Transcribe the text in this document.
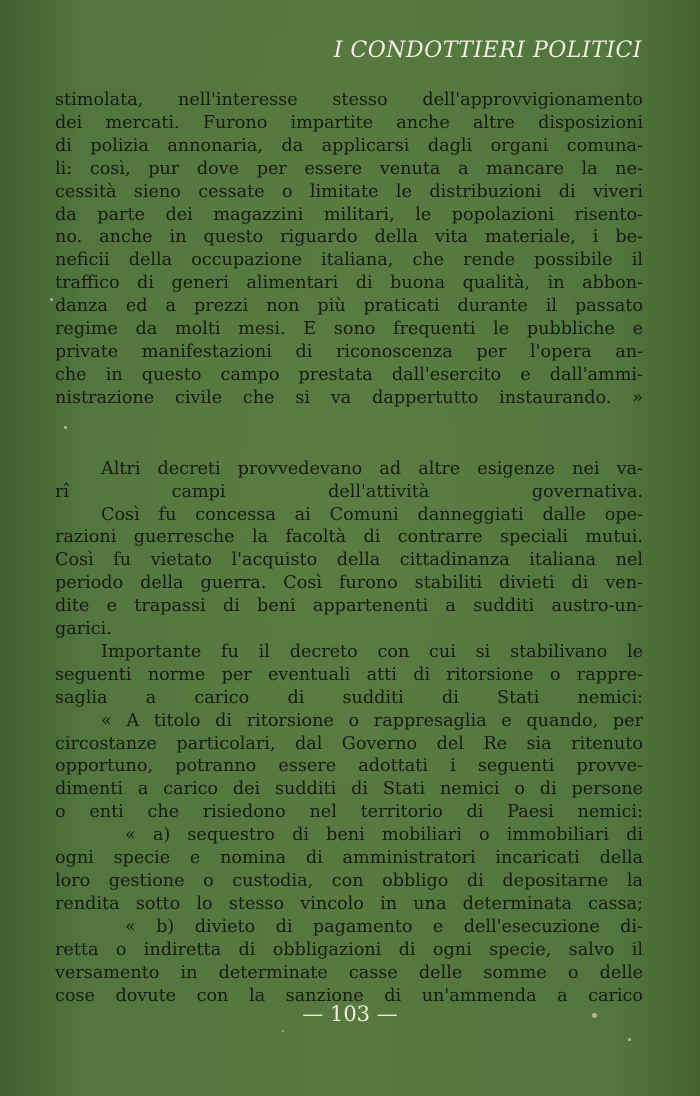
I CONDOTTIERI POLITICI

stimolata, nell'interesse stesso dell'approvvigionamento
dei mercati. Furono impartite anche altre disposizioni
di polizia annonaria, da applicarsi dagli organi comuna-
li: così, pur dove per essere venuta a mancare la ne-
cessità sieno cessate o limitate le distribuzioni di viveri
da parte dei magazzini militari, le popolazioni risento-
no. anche in questo riguardo della vita materiale, i be-
neficii della occupazione italiana, che rende possibile il
traffico di generi alimentari di buona qualità, in abbon-
danza ed a prezzi non più praticati durante il passato
regime da molti mesi. E sono frequenti le pubbliche e
private manifestazioni di riconoscenza per l'opera an-
che in questo campo prestata dall'esercito e dall'ammi-
nistrazione civile che si va dappertutto instaurando. »

Altri decreti provvedevano ad altre esigenze nei va-
rî campi dell'attività governativa.

Così fu concessa ai Comuni danneggiati dalle ope-
razioni guerresche la facoltà di contrarre speciali mutui.
Così fu vietato l'acquisto della cittadinanza italiana nel
periodo della guerra. Così furono stabiliti divieti di ven-
dite e trapassi di beni appartenenti a sudditi austro-un-
garici.

Importante fu il decreto con cui si stabilivano le
seguenti norme per eventuali atti di ritorsione o rappre-
saglia a carico di sudditi di Stati nemici:

« A titolo di ritorsione o rappresaglia e quando, per
circostanze particolari, dal Governo del Re sia ritenuto
opportuno, potranno essere adottati i seguenti provve-
dimenti a carico dei sudditi di Stati nemici o di persone
o enti che risiedono nel territorio di Paesi nemici:

« a) sequestro di beni mobiliari o immobiliari di
ogni specie e nomina di amministratori incaricati della
loro gestione o custodia, con obbligo di depositarne la
rendita sotto lo stesso vincolo in una determinata cassa;

« b) divieto di pagamento e dell'esecuzione di-
retta o indiretta di obbligazioni di ogni specie, salvo il
versamento in determinate casse delle somme o delle
cose dovute con la sanzione di un'ammenda a carico

— 103 —
